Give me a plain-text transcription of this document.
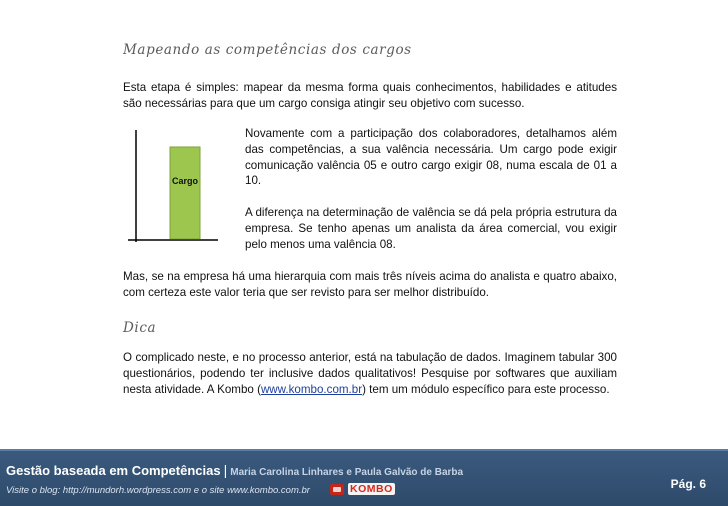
Mapeando as competências dos cargos

Esta etapa é simples: mapear da mesma forma quais conhecimentos, habilidades e atitudes são necessárias para que um cargo consiga atingir seu objetivo com sucesso.

Cargo

Novamente com a participação dos colaboradores, detalhamos além das competências, a sua valência necessária. Um cargo pode exigir comunicação valência 05 e outro cargo exigir 08, numa escala de 01 a 10.

A diferença na determinação de valência se dá pela própria estrutura da empresa. Se tenho apenas um analista da área comercial, vou exigir pelo menos uma valência 08.

Mas, se na empresa há uma hierarquia com mais três níveis acima do analista e quatro abaixo, com certeza este valor teria que ser revisto para ser melhor distribuído.

Dica

O complicado neste, e no processo anterior, está na tabulação de dados. Imaginem tabular 300 questionários, podendo ter inclusive dados qualitativos! Pesquise por softwares que auxiliam nesta atividade. A Kombo (www.kombo.com.br) tem um módulo específico para este processo.

Gestão baseada em Competências | Maria Carolina Linhares e Paula Galvão de Barba
Visite o blog: http://mundorh.wordpress.com e o site www.kombo.com.br	KOMBO	Pág. 6
